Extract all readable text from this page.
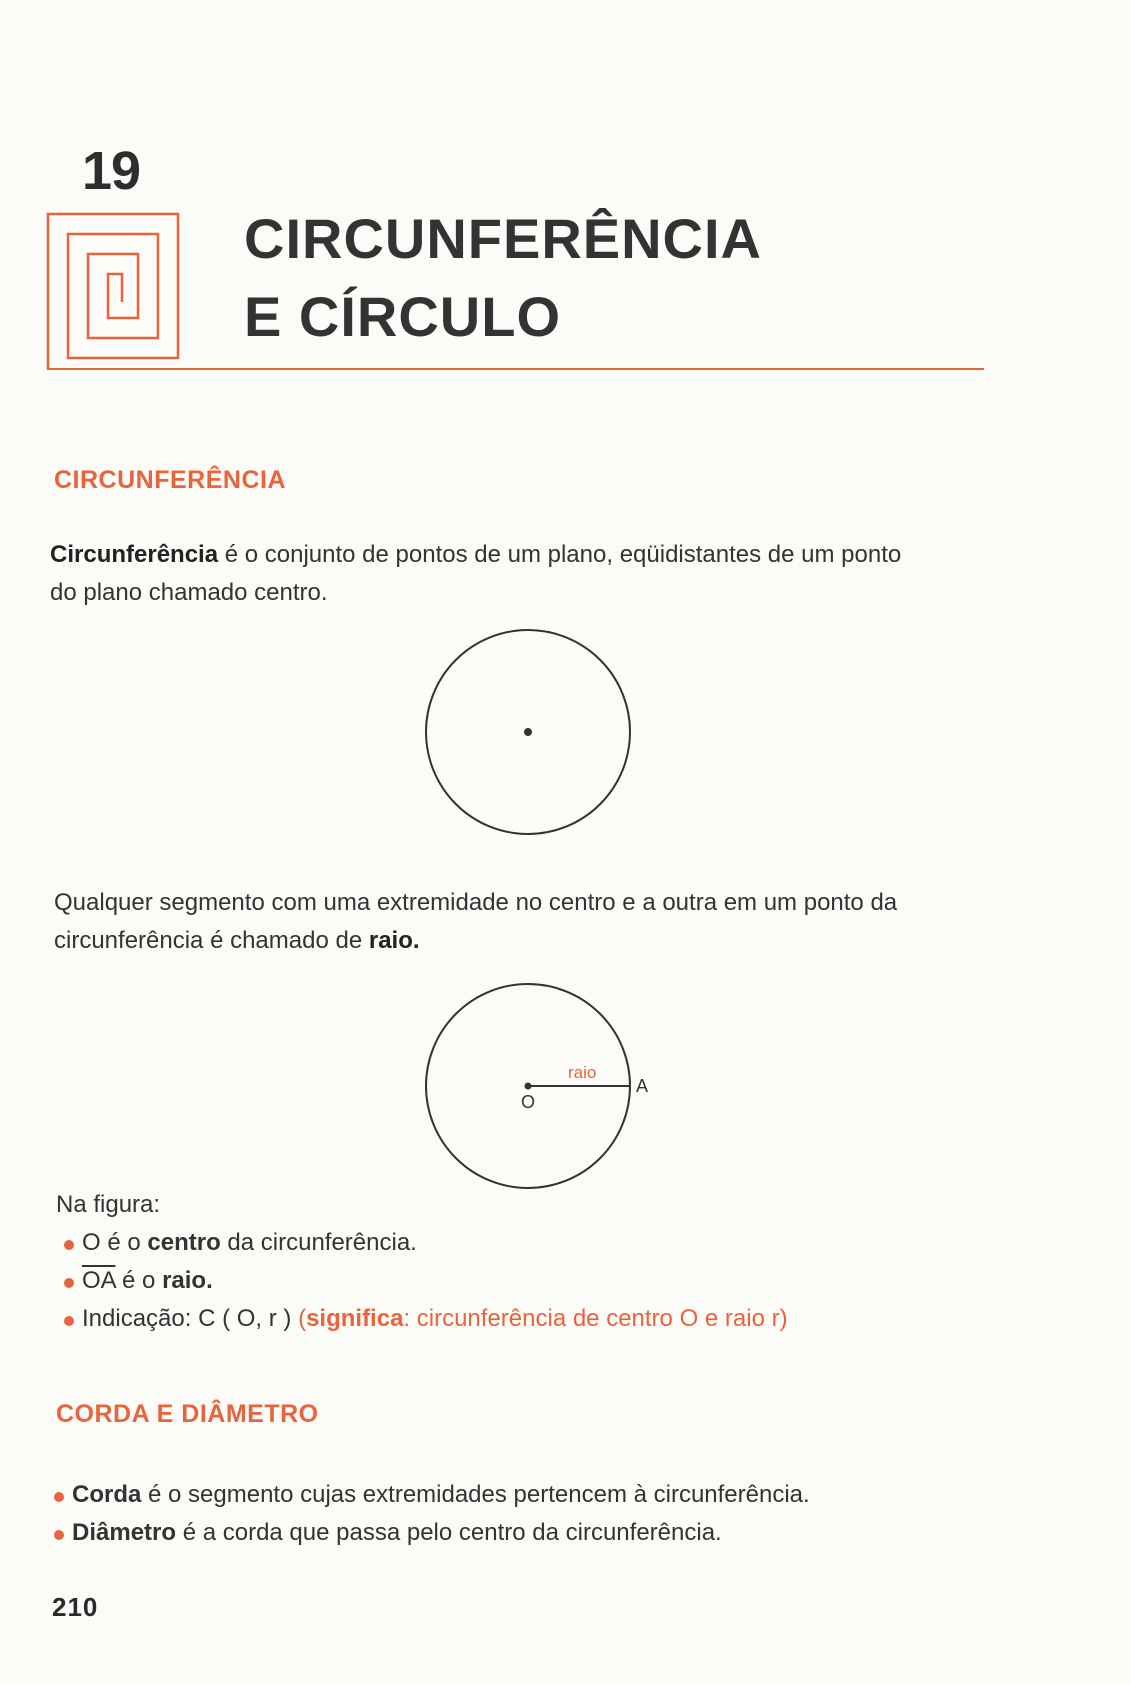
19
CIRCUNFERÊNCIA
E CÍRCULO
CIRCUNFERÊNCIA
Circunferência é o conjunto de pontos de um plano, eqüidistantes de um ponto
do plano chamado centro.
Qualquer segmento com uma extremidade no centro e a outra em um ponto da
circunferência é chamado de raio.
raio
O
A
Na figura:
O é o centro da circunferência.
$\overline{OA}$ é o raio.
Indicação: C ( O, r ) (significa: circunferência de centro O e raio r)
CORDA E DIÂMETRO
Corda é o segmento cujas extremidades pertencem à circunferência.
Diâmetro é a corda que passa pelo centro da circunferência.
210
